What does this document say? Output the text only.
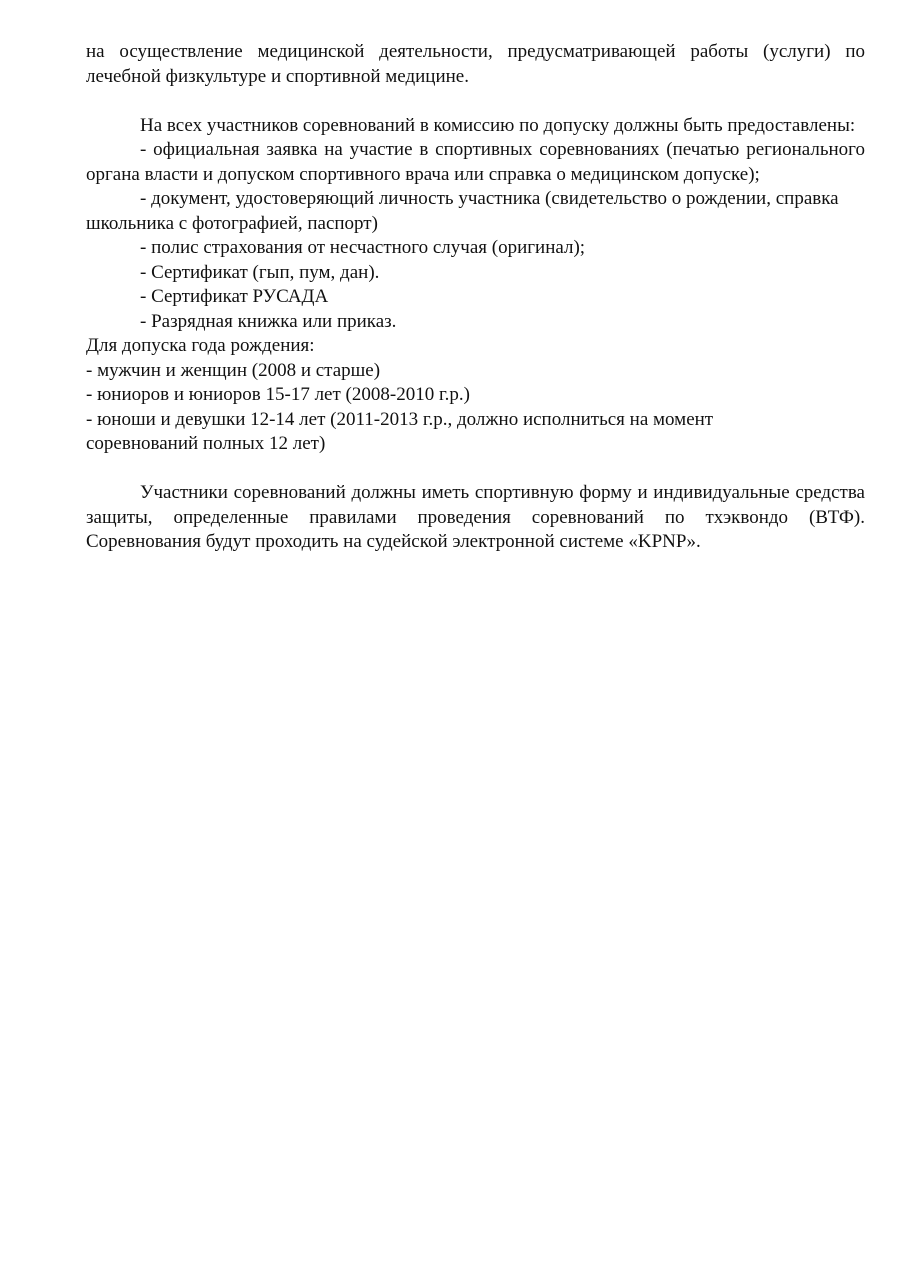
на осуществление медицинской деятельности, предусматривающей работы (услуги) по лечебной физкультуре и спортивной медицине.

На всех участников соревнований в комиссию по допуску должны быть предоставлены:

- официальная заявка на участие в спортивных соревнованиях (печатью регионального органа власти и допуском спортивного врача или справка о медицинском допуске);

- документ, удостоверяющий личность участника (свидетельство о рождении, справка школьника с фотографией, паспорт)

- полис страхования от несчастного случая (оригинал);

- Сертификат (гып, пум, дан).

- Сертификат РУСАДА

- Разрядная книжка или приказ.

Для допуска года рождения:

- мужчин и женщин (2008 и старше)

- юниоров и юниоров 15-17 лет (2008-2010 г.р.)

- юноши и девушки 12-14 лет (2011-2013 г.р., должно исполниться на момент соревнований полных 12 лет)

Участники соревнований должны иметь спортивную форму и индивидуальные средства защиты, определенные правилами проведения соревнований по тхэквондо (ВТФ). Соревнования будут проходить на судейской электронной системе «KPNP».
